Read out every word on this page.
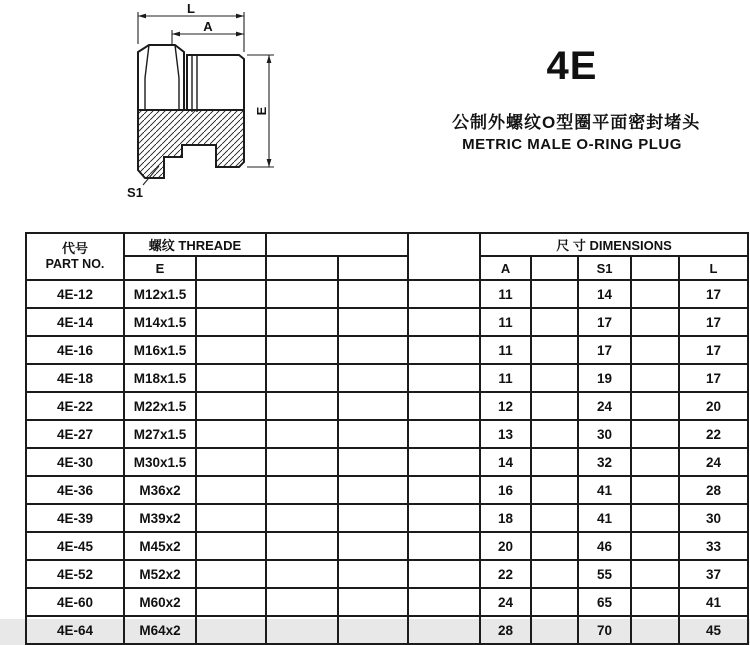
L
A
E
S1
4E
公制外螺纹O型圈平面密封堵头
METRIC MALE O-RING PLUG
代号
PART NO.	螺纹 THREADE					尺 寸 DIMENSIONS				
	E					A		S1		L
4E-12	M12x1.5					11		14		17
4E-14	M14x1.5					11		17		17
4E-16	M16x1.5					11		17		17
4E-18	M18x1.5					11		19		17
4E-22	M22x1.5					12		24		20
4E-27	M27x1.5					13		30		22
4E-30	M30x1.5					14		32		24
4E-36	M36x2					16		41		28
4E-39	M39x2					18		41		30
4E-45	M45x2					20		46		33
4E-52	M52x2					22		55		37
4E-60	M60x2					24		65		41
4E-64	M64x2					28		70		45
